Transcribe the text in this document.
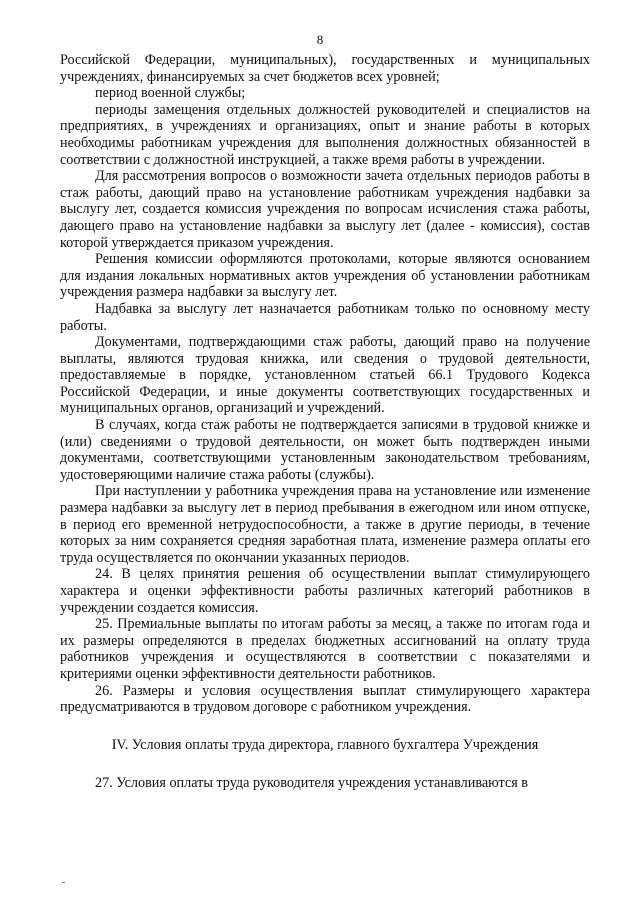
8

Российской Федерации, муниципальных), государственных и муниципальных учреждениях, финансируемых за счет бюджетов всех уровней;

период военной службы;

периоды замещения отдельных должностей руководителей и специалистов на предприятиях, в учреждениях и организациях, опыт и знание работы в которых необходимы работникам учреждения для выполнения должностных обязанностей в соответствии с должностной инструкцией, а также время работы в учреждении.

Для рассмотрения вопросов о возможности зачета отдельных периодов работы в стаж работы, дающий право на установление работникам учреждения надбавки за выслугу лет, создается комиссия учреждения по вопросам исчисления стажа работы, дающего право на установление надбавки за выслугу лет (далее - комиссия), состав которой утверждается приказом учреждения.

Решения комиссии оформляются протоколами, которые являются основанием для издания локальных нормативных актов учреждения об установлении работникам учреждения размера надбавки за выслугу лет.

Надбавка за выслугу лет назначается работникам только по основному месту работы.

Документами, подтверждающими стаж работы, дающий право на получение выплаты, являются трудовая книжка, или сведения о трудовой деятельности, предоставляемые в порядке, установленном статьей 66.1 Трудового Кодекса Российской Федерации, и иные документы соответствующих государственных и муниципальных органов, организаций и учреждений.

В случаях, когда стаж работы не подтверждается записями в трудовой книжке и (или) сведениями о трудовой деятельности, он может быть подтвержден иными документами, соответствующими установленным законодательством требованиям, удостоверяющими наличие стажа работы (службы).

При наступлении у работника учреждения права на установление или изменение размера надбавки за выслугу лет в период пребывания в ежегодном или ином отпуске, в период его временной нетрудоспособности, а также в другие периоды, в течение которых за ним сохраняется средняя заработная плата, изменение размера оплаты его труда осуществляется по окончании указанных периодов.

24. В целях принятия решения об осуществлении выплат стимулирующего характера и оценки эффективности работы различных категорий работников в учреждении создается комиссия.

25. Премиальные выплаты по итогам работы за месяц, а также по итогам года и их размеры определяются в пределах бюджетных ассигнований на оплату труда работников учреждения и осуществляются в соответствии с показателями и критериями оценки эффективности деятельности работников.

26. Размеры и условия осуществления выплат стимулирующего характера предусматриваются в трудовом договоре с работником учреждения.

IV. Условия оплаты труда директора, главного бухгалтера Учреждения

27. Условия оплаты труда руководителя учреждения устанавливаются в

-
